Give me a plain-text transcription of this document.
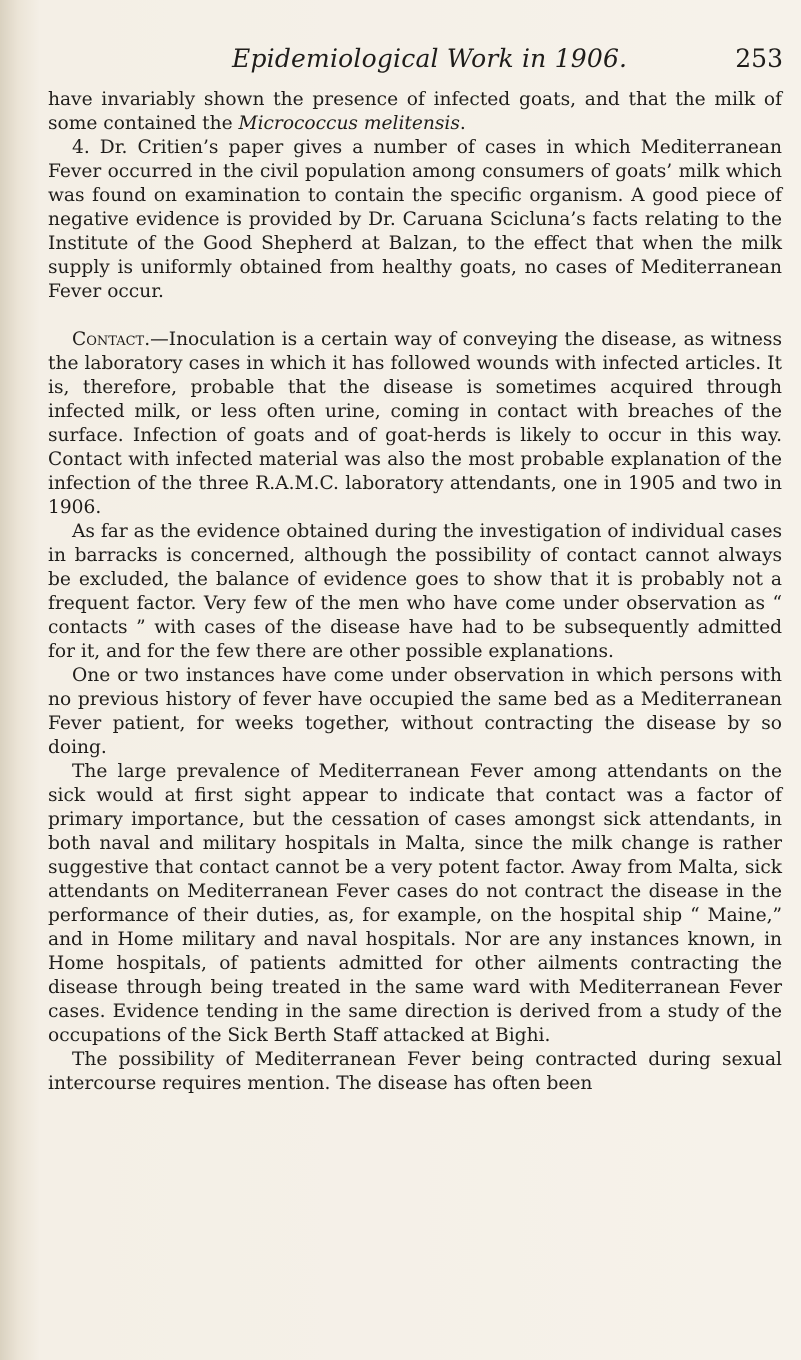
Epidemiological Work in 1906.	253

have invariably shown the presence of infected goats, and that the milk of some contained the Micrococcus melitensis.

4. Dr. Critien’s paper gives a number of cases in which Mediterranean Fever occurred in the civil population among consumers of goats’ milk which was found on examination to contain the specific organism. A good piece of negative evidence is provided by Dr. Caruana Scicluna’s facts relating to the Institute of the Good Shepherd at Balzan, to the effect that when the milk supply is uniformly obtained from healthy goats, no cases of Mediterranean Fever occur.

Contact.—Inoculation is a certain way of conveying the disease, as witness the laboratory cases in which it has followed wounds with infected articles. It is, therefore, probable that the disease is sometimes acquired through infected milk, or less often urine, coming in contact with breaches of the surface. Infection of goats and of goat-herds is likely to occur in this way. Contact with infected material was also the most probable explanation of the infection of the three R.A.M.C. laboratory attendants, one in 1905 and two in 1906.

As far as the evidence obtained during the investigation of individual cases in barracks is concerned, although the possibility of contact cannot always be excluded, the balance of evidence goes to show that it is probably not a frequent factor. Very few of the men who have come under observation as “ contacts ” with cases of the disease have had to be subsequently admitted for it, and for the few there are other possible explanations.

One or two instances have come under observation in which persons with no previous history of fever have occupied the same bed as a Mediterranean Fever patient, for weeks together, without contracting the disease by so doing.

The large prevalence of Mediterranean Fever among attendants on the sick would at first sight appear to indicate that contact was a factor of primary importance, but the cessation of cases amongst sick attendants, in both naval and military hospitals in Malta, since the milk change is rather suggestive that contact cannot be a very potent factor. Away from Malta, sick attendants on Mediterranean Fever cases do not contract the disease in the performance of their duties, as, for example, on the hospital ship “ Maine,” and in Home military and naval hospitals. Nor are any instances known, in Home hospitals, of patients admitted for other ailments contracting the disease through being treated in the same ward with Mediterranean Fever cases. Evidence tending in the same direction is derived from a study of the occupations of the Sick Berth Staff attacked at Bighi.

The possibility of Mediterranean Fever being contracted during sexual intercourse requires mention. The disease has often been
